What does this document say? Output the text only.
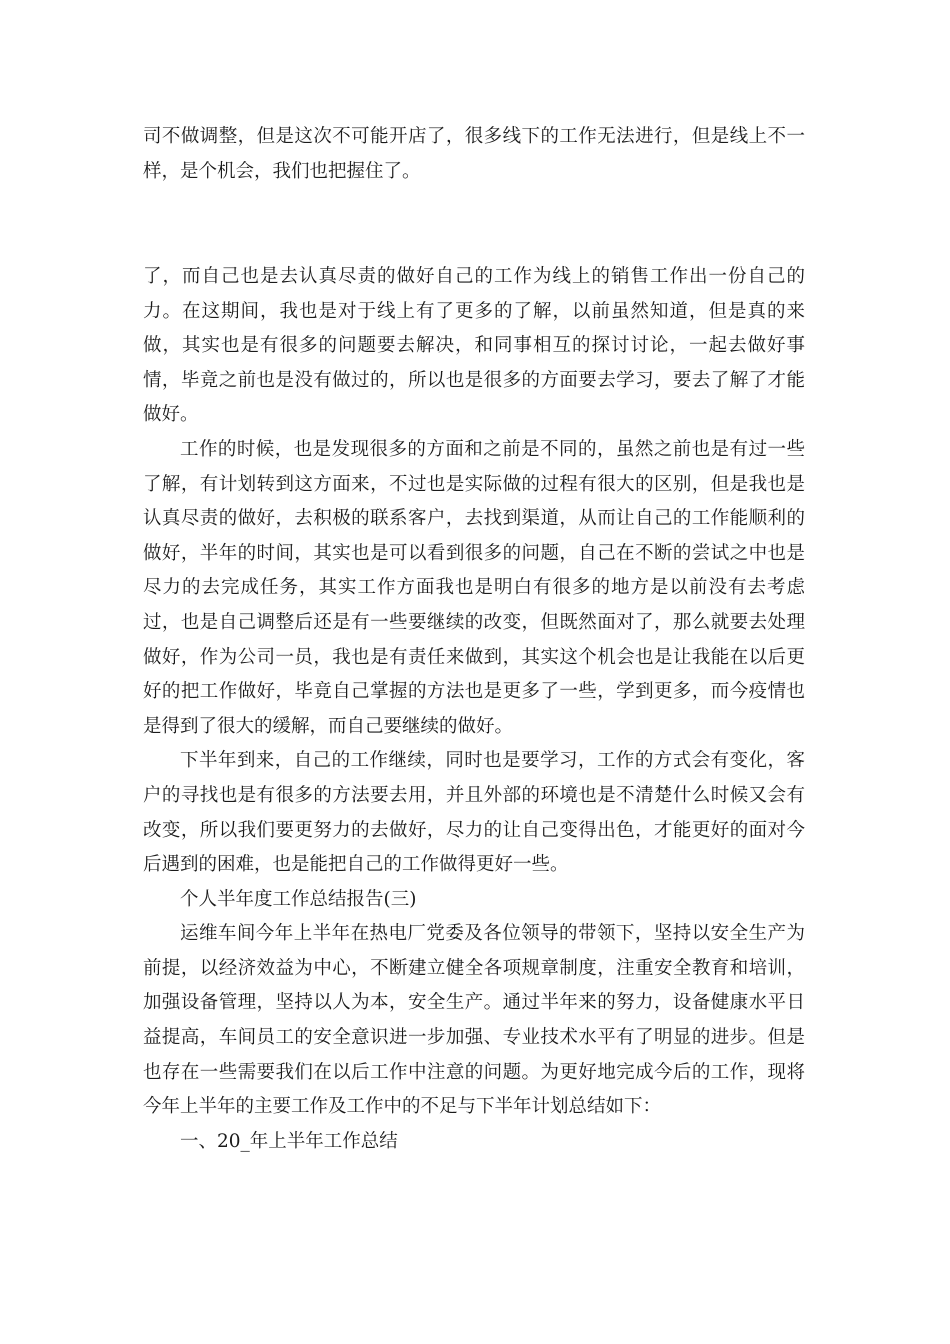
司不做调整，但是这次不可能开店了，很多线下的工作无法进行，但是线上不一样，是个机会，我们也把握住了。

了，而自己也是去认真尽责的做好自己的工作为线上的销售工作出一份自己的力。在这期间，我也是对于线上有了更多的了解，以前虽然知道，但是真的来做，其实也是有很多的问题要去解决，和同事相互的探讨讨论，一起去做好事情，毕竟之前也是没有做过的，所以也是很多的方面要去学习，要去了解了才能做好。

工作的时候，也是发现很多的方面和之前是不同的，虽然之前也是有过一些了解，有计划转到这方面来，不过也是实际做的过程有很大的区别，但是我也是认真尽责的做好，去积极的联系客户，去找到渠道，从而让自己的工作能顺利的做好，半年的时间，其实也是可以看到很多的问题，自己在不断的尝试之中也是尽力的去完成任务，其实工作方面我也是明白有很多的地方是以前没有去考虑过，也是自己调整后还是有一些要继续的改变，但既然面对了，那么就要去处理做好，作为公司一员，我也是有责任来做到，其实这个机会也是让我能在以后更好的把工作做好，毕竟自己掌握的方法也是更多了一些，学到更多，而今疫情也是得到了很大的缓解，而自己要继续的做好。

下半年到来，自己的工作继续，同时也是要学习，工作的方式会有变化，客户的寻找也是有很多的方法要去用，并且外部的环境也是不清楚什么时候又会有改变，所以我们要更努力的去做好，尽力的让自己变得出色，才能更好的面对今后遇到的困难，也是能把自己的工作做得更好一些。

个人半年度工作总结报告(三)

运维车间今年上半年在热电厂党委及各位领导的带领下，坚持以安全生产为前提，以经济效益为中心，不断建立健全各项规章制度，注重安全教育和培训，加强设备管理，坚持以人为本，安全生产。通过半年来的努力，设备健康水平日益提高，车间员工的安全意识进一步加强、专业技术水平有了明显的进步。但是也存在一些需要我们在以后工作中注意的问题。为更好地完成今后的工作，现将今年上半年的主要工作及工作中的不足与下半年计划总结如下：

一、20_年上半年工作总结
